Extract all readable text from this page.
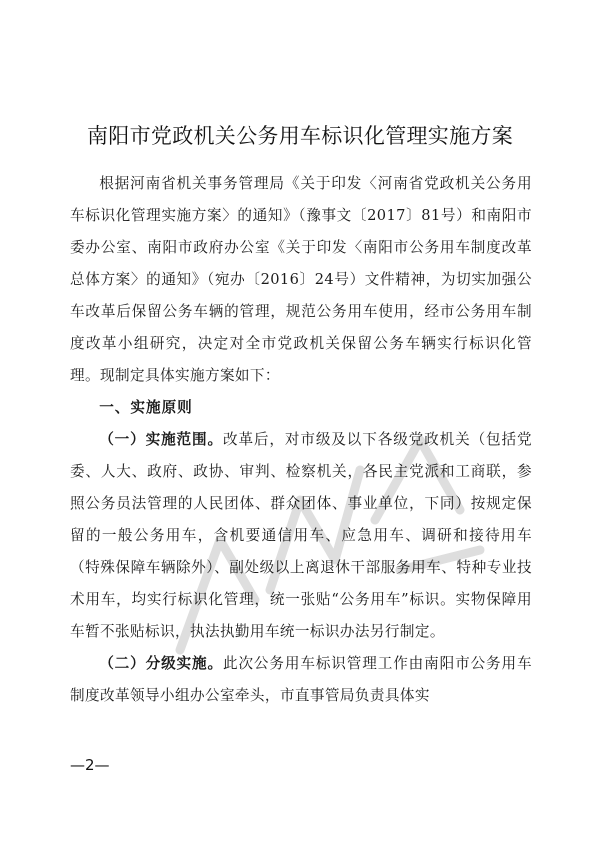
南阳市党政机关公务用车标识化管理实施方案

根据河南省机关事务管理局《关于印发〈河南省党政机关公务用车标识化管理实施方案〉的通知》（豫事文〔2017〕81号）和南阳市委办公室、南阳市政府办公室《关于印发〈南阳市公务用车制度改革总体方案〉的通知》（宛办〔2016〕24号）文件精神，为切实加强公车改革后保留公务车辆的管理，规范公务用车使用，经市公务用车制度改革小组研究，决定对全市党政机关保留公务车辆实行标识化管理。现制定具体实施方案如下：

一、实施原则

（一）实施范围。改革后，对市级及以下各级党政机关（包括党委、人大、政府、政协、审判、检察机关，各民主党派和工商联，参照公务员法管理的人民团体、群众团体、事业单位，下同）按规定保留的一般公务用车，含机要通信用车、应急用车、调研和接待用车（特殊保障车辆除外）、副处级以上离退休干部服务用车、特种专业技术用车，均实行标识化管理，统一张贴“公务用车”标识。实物保障用车暂不张贴标识，执法执勤用车统一标识办法另行制定。

（二）分级实施。此次公务用车标识管理工作由南阳市公务用车制度改革领导小组办公室牵头，市直事管局负责具体实

—2—
